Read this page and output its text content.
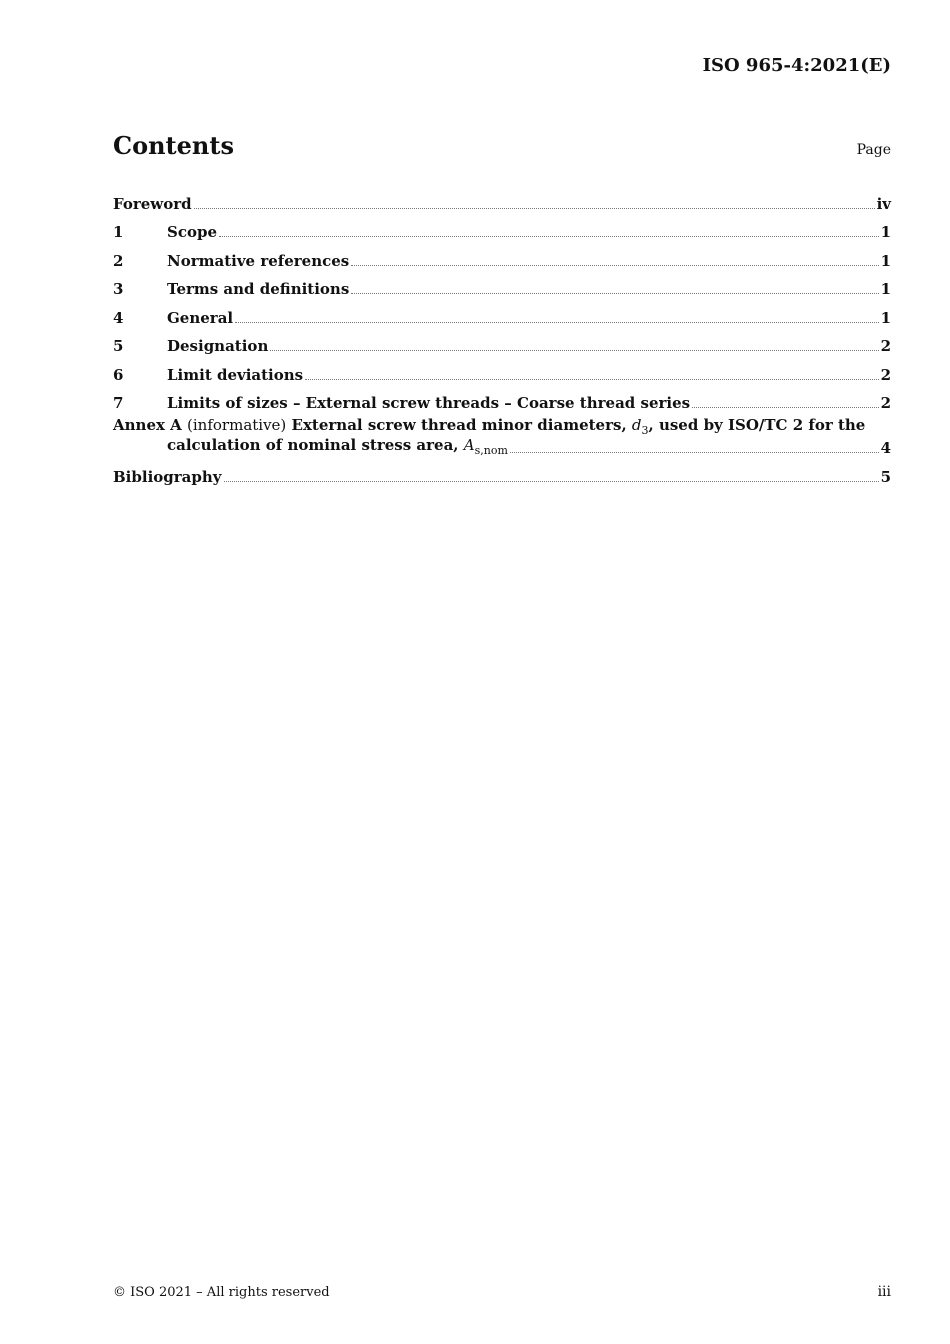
ISO 965-4:2021(E)
Contents	Page
Foreword	iv
1	Scope	1
2	Normative references	1
3	Terms and definitions	1
4	General	1
5	Designation	2
6	Limit deviations	2
7	Limits of sizes – External screw threads – Coarse thread series	2
Annex A (informative) External screw thread minor diameters, $d_3$, used by ISO/TC 2 for the
calculation of nominal stress area, $A_{s,nom}$	4
Bibliography	5
© ISO 2021 – All rights reserved	iii
